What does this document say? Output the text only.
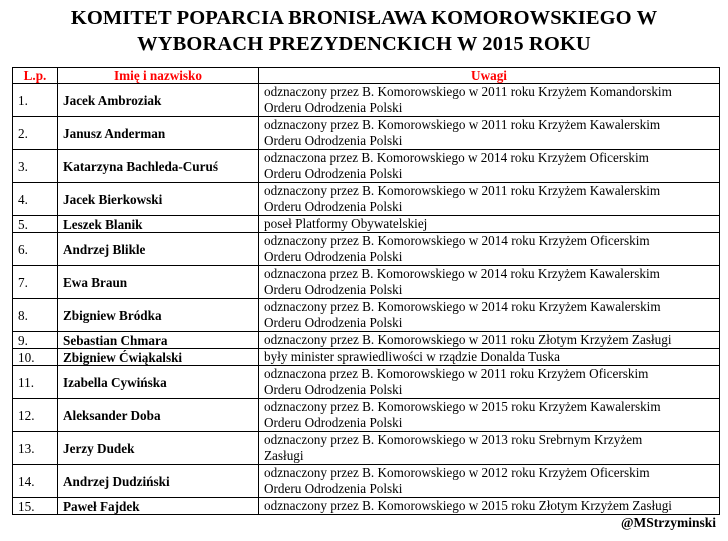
KOMITET POPARCIA BRONISŁAWA KOMOROWSKIEGO W
WYBORACH PREZYDENCKICH W 2015 ROKU
L.p.	Imię i nazwisko	Uwagi
1.	Jacek Ambroziak	odznaczony przez B. Komorowskiego w 2011 roku Krzyżem Komandorskim
Orderu Odrodzenia Polski

2.	Janusz Anderman	odznaczony przez B. Komorowskiego w 2011 roku Krzyżem Kawalerskim
Orderu Odrodzenia Polski

3.	Katarzyna Bachleda-Curuś	odznaczona przez B. Komorowskiego w 2014 roku Krzyżem Oficerskim
Orderu Odrodzenia Polski

4.	Jacek Bierkowski	odznaczony przez B. Komorowskiego w 2011 roku Krzyżem Kawalerskim
Orderu Odrodzenia Polski

5.	Leszek Blanik	poseł Platformy Obywatelskiej

6.	Andrzej Blikle	odznaczony przez B. Komorowskiego w 2014 roku Krzyżem Oficerskim
Orderu Odrodzenia Polski

7.	Ewa Braun	odznaczona przez B. Komorowskiego w 2014 roku Krzyżem Kawalerskim
Orderu Odrodzenia Polski

8.	Zbigniew Bródka	odznaczony przez B. Komorowskiego w 2014 roku Krzyżem Kawalerskim
Orderu Odrodzenia Polski

9.	Sebastian Chmara	odznaczony przez B. Komorowskiego w 2011 roku Złotym Krzyżem Zasługi

10.	Zbigniew Ćwiąkalski	były minister sprawiedliwości w rządzie Donalda Tuska

11.	Izabella Cywińska	odznaczona przez B. Komorowskiego w 2011 roku Krzyżem Oficerskim
Orderu Odrodzenia Polski

12.	Aleksander Doba	odznaczony przez B. Komorowskiego w 2015 roku Krzyżem Kawalerskim
Orderu Odrodzenia Polski

13.	Jerzy Dudek	odznaczony przez B. Komorowskiego w 2013 roku Srebrnym Krzyżem
Zasługi

14.	Andrzej Dudziński	odznaczony przez B. Komorowskiego w 2012 roku Krzyżem Oficerskim
Orderu Odrodzenia Polski

15.	Paweł Fajdek	odznaczony przez B. Komorowskiego w 2015 roku Złotym Krzyżem Zasługi
@MStrzyminski
